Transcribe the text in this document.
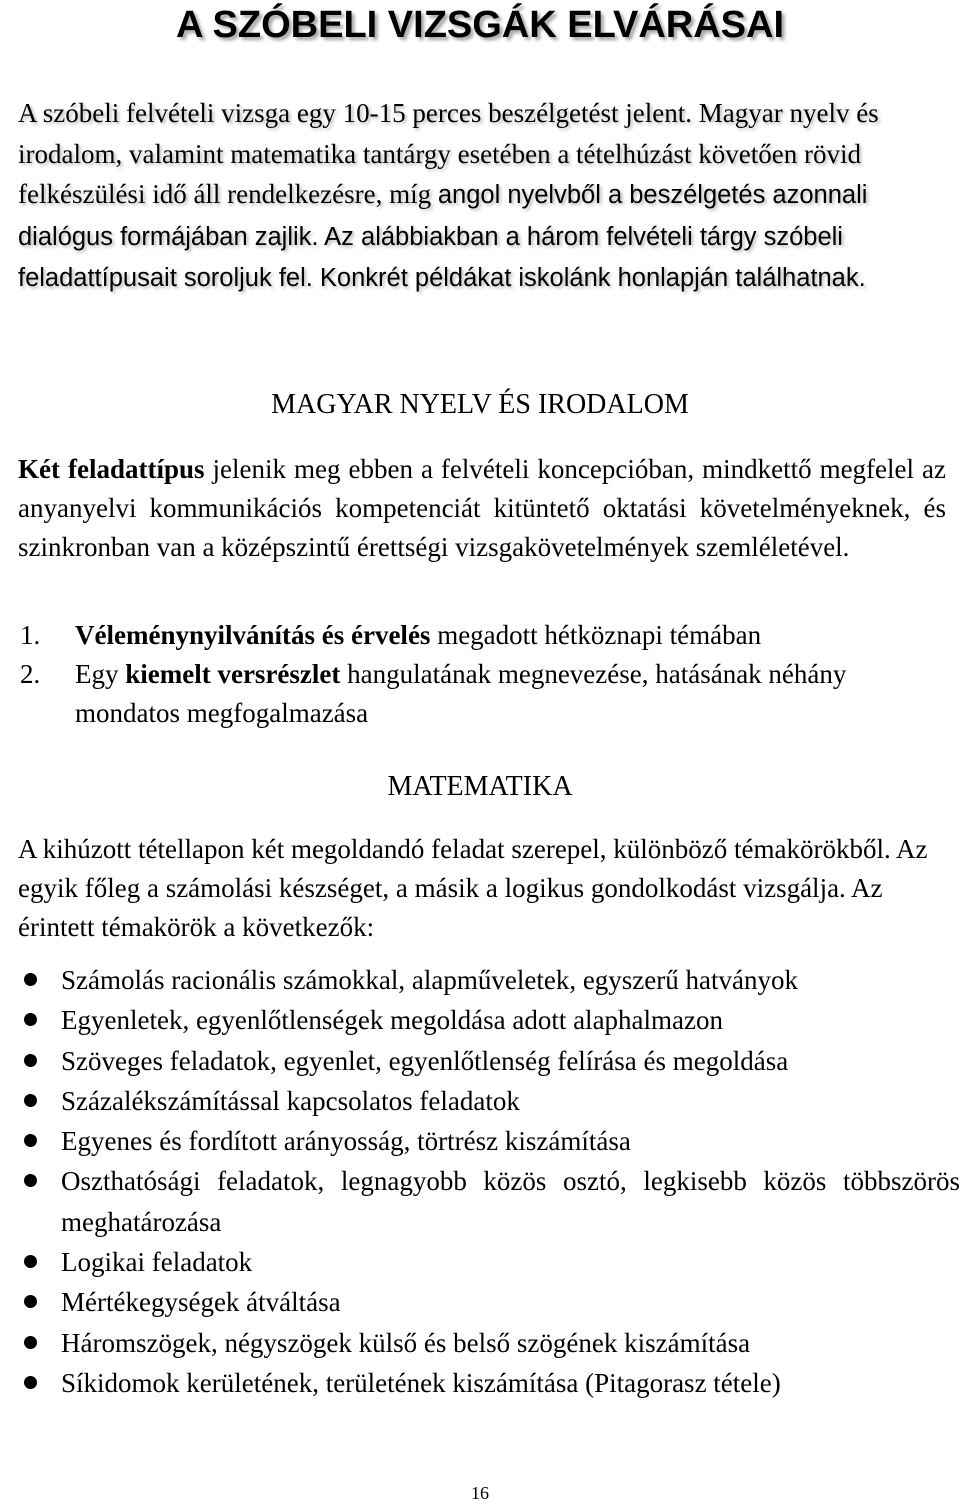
A SZÓBELI VIZSGÁK ELVÁRÁSAI
A szóbeli felvételi vizsga egy 10-15 perces beszélgetést jelent. Magyar nyelv és irodalom, valamint matematika tantárgy esetében a tételhúzást követően rövid felkészülési idő áll rendelkezésre, míg angol nyelvből a beszélgetés azonnali dialógus formájában zajlik. Az alábbiakban a három felvételi tárgy szóbeli feladattípusait soroljuk fel. Konkrét példákat iskolánk honlapján találhatnak.
MAGYAR NYELV ÉS IRODALOM
Két feladattípus jelenik meg ebben a felvételi koncepcióban, mindkettő megfelel az anyanyelvi kommunikációs kompetenciát kitüntető oktatási követelményeknek, és szinkronban van a középszintű érettségi vizsgakövetelmények szemléletével.
1. Véleménynyilvánítás és érvelés megadott hétköznapi témában
2. Egy kiemelt versrészlet hangulatának megnevezése, hatásának néhány mondatos megfogalmazása
MATEMATIKA
A kihúzott tétellapon két megoldandó feladat szerepel, különböző témakörökből. Az egyik főleg a számolási készséget, a másik a logikus gondolkodást vizsgálja. Az érintett témakörök a következők:
Számolás racionális számokkal, alapműveletek, egyszerű hatványok
Egyenletek, egyenlőtlenségek megoldása adott alaphalmazon
Szöveges feladatok, egyenlet, egyenlőtlenség felírása és megoldása
Százalékszámítással kapcsolatos feladatok
Egyenes és fordított arányosság, törtrész kiszámítása
Oszthatósági feladatok, legnagyobb közös osztó, legkisebb közös többszörös meghatározása
Logikai feladatok
Mértékegységek átváltása
Háromszögek, négyszögek külső és belső szögének kiszámítása
Síkidomok kerületének, területének kiszámítása (Pitagorasz tétele)
16
